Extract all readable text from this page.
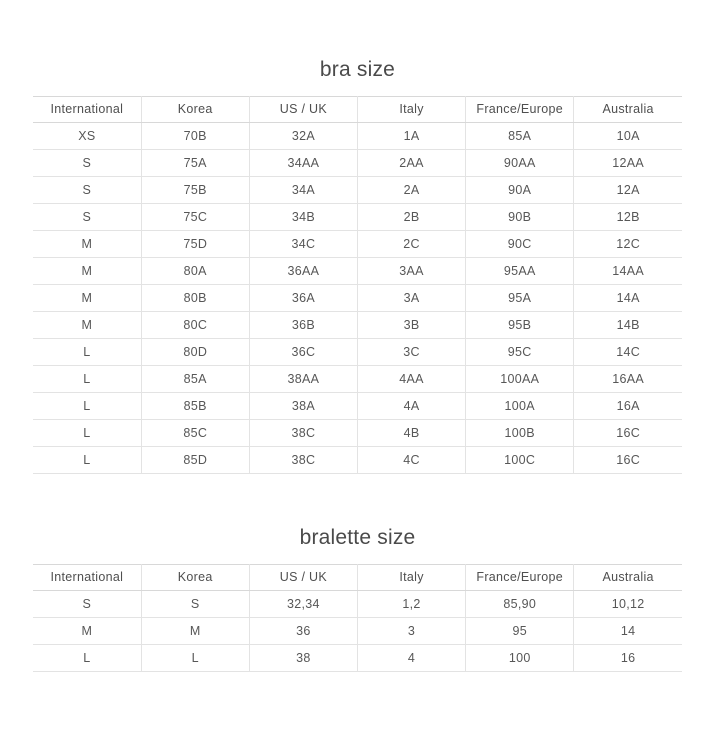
bra size
International	Korea	US / UK	Italy	France/Europe	Australia
XS	70B	32A	1A	85A	10A
S	75A	34AA	2AA	90AA	12AA
S	75B	34A	2A	90A	12A
S	75C	34B	2B	90B	12B
M	75D	34C	2C	90C	12C
M	80A	36AA	3AA	95AA	14AA
M	80B	36A	3A	95A	14A
M	80C	36B	3B	95B	14B
L	80D	36C	3C	95C	14C
L	85A	38AA	4AA	100AA	16AA
L	85B	38A	4A	100A	16A
L	85C	38C	4B	100B	16C
L	85D	38C	4C	100C	16C
bralette size
International	Korea	US / UK	Italy	France/Europe	Australia
S	S	32,34	1,2	85,90	10,12
M	M	36	3	95	14
L	L	38	4	100	16
